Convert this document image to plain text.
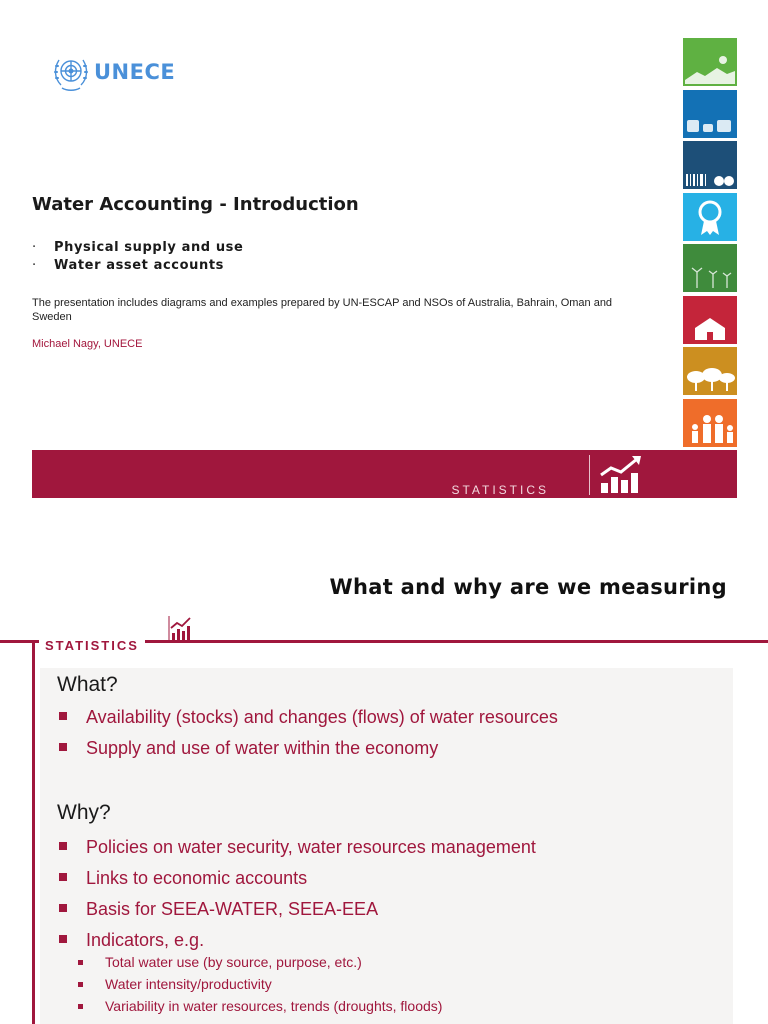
UNECE
Water Accounting - Introduction
·	Physical supply and use
·	Water asset accounts
The presentation includes diagrams and examples prepared by UN-ESCAP and NSOs of Australia, Bahrain, Oman and Sweden
Michael Nagy, UNECE
STATISTICS
What and why are we measuring
STATISTICS
What?
Availability (stocks) and changes (flows) of water resources
Supply and use of water within the economy
Why?
Policies on water security, water resources management
Links to economic accounts
Basis for SEEA-WATER, SEEA-EEA
Indicators, e.g.
Total water use (by source, purpose, etc.)
Water intensity/productivity
Variability in water resources, trends (droughts, floods)
